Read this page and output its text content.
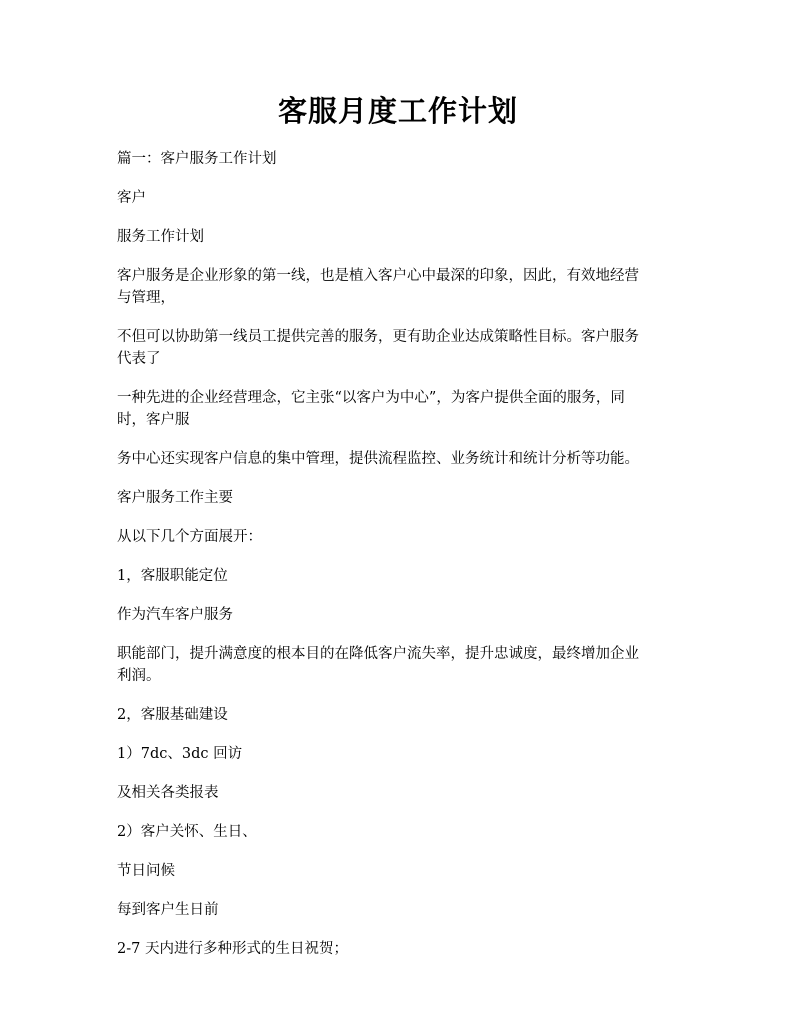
客服月度工作计划

篇一：客户服务工作计划

客户

服务工作计划

客户服务是企业形象的第一线，也是植入客户心中最深的印象，因此，有效地经营
与管理，

不但可以协助第一线员工提供完善的服务，更有助企业达成策略性目标。客户服务
代表了

一种先进的企业经营理念，它主张“以客户为中心”，为客户提供全面的服务，同
时，客户服

务中心还实现客户信息的集中管理，提供流程监控、业务统计和统计分析等功能。

客户服务工作主要

从以下几个方面展开：

1，客服职能定位

作为汽车客户服务

职能部门，提升满意度的根本目的在降低客户流失率，提升忠诚度，最终增加企业
利润。

2，客服基础建设

1）7dc、3dc 回访

及相关各类报表

2）客户关怀、生日、

节日问候

每到客户生日前

2-7 天内进行多种形式的生日祝贺；
